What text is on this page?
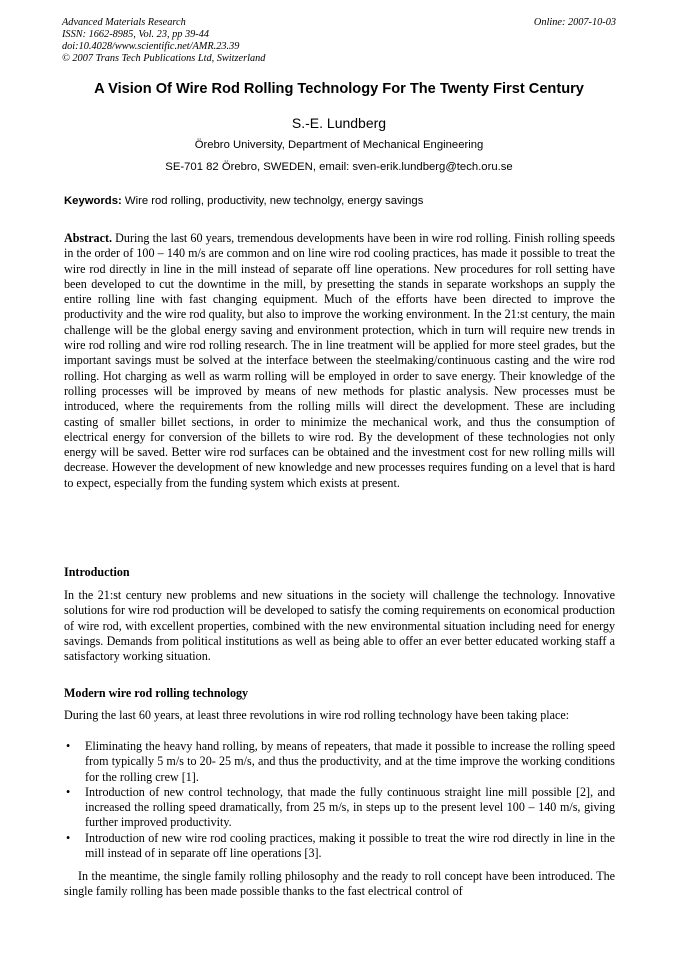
Advanced Materials Research
ISSN: 1662-8985, Vol. 23, pp 39-44
doi:10.4028/www.scientific.net/AMR.23.39
© 2007 Trans Tech Publications Ltd, Switzerland
Online: 2007-10-03
A Vision Of Wire Rod Rolling Technology For The Twenty First Century
S.-E. Lundberg
Örebro University, Department of Mechanical Engineering
SE-701 82 Örebro, SWEDEN, email: sven-erik.lundberg@tech.oru.se
Keywords: Wire rod rolling, productivity, new technolgy, energy savings
Abstract. During the last 60 years, tremendous developments have been in wire rod rolling. Finish rolling speeds in the order of 100 – 140 m/s are common and on line wire rod cooling practices, has made it possible to treat the wire rod directly in line in the mill instead of separate off line operations. New procedures for roll setting have been developed to cut the downtime in the mill, by presetting the stands in separate workshops an supply the entire rolling line with fast changing equipment. Much of the efforts have been directed to improve the productivity and the wire rod quality, but also to improve the working environment. In the 21:st century, the main challenge will be the global energy saving and environment protection, which in turn will require new trends in wire rod rolling and wire rod rolling research. The in line treatment will be applied for more steel grades, but the important savings must be solved at the interface between the steelmaking/continuous casting and the wire rod rolling. Hot charging as well as warm rolling will be employed in order to save energy. Their knowledge of the rolling processes will be improved by means of new methods for plastic analysis. New processes must be introduced, where the requirements from the rolling mills will direct the development. These are including casting of smaller billet sections, in order to minimize the mechanical work, and thus the consumption of electrical energy for conversion of the billets to wire rod. By the development of these technologies not only energy will be saved. Better wire rod surfaces can be obtained and the investment cost for new rolling mills will decrease. However the development of new knowledge and new processes requires funding on a level that is hard to expect, especially from the funding system which exists at present.
Introduction
In the 21:st century new problems and new situations in the society will challenge the technology. Innovative solutions for wire rod production will be developed to satisfy the coming requirements on economical production of wire rod, with excellent properties, combined with the new environmental situation including need for energy savings. Demands from political institutions as well as being able to offer an ever better educated working staff a satisfactory working situation.
Modern wire rod rolling technology
During the last 60 years, at least three revolutions in wire rod rolling technology have been taking place:
• Eliminating the heavy hand rolling, by means of repeaters, that made it possible to increase the rolling speed from typically 5 m/s to 20- 25 m/s, and thus the productivity, and at the time improve the working conditions for the rolling crew [1].
• Introduction of new control technology, that made the fully continuous straight line mill possible [2], and increased the rolling speed dramatically, from 25 m/s, in steps up to the present level 100 – 140 m/s, giving further improved productivity.
• Introduction of new wire rod cooling practices, making it possible to treat the wire rod directly in line in the mill instead of in separate off line operations [3].
In the meantime, the single family rolling philosophy and the ready to roll concept have been introduced. The single family rolling has been made possible thanks to the fast electrical control of
